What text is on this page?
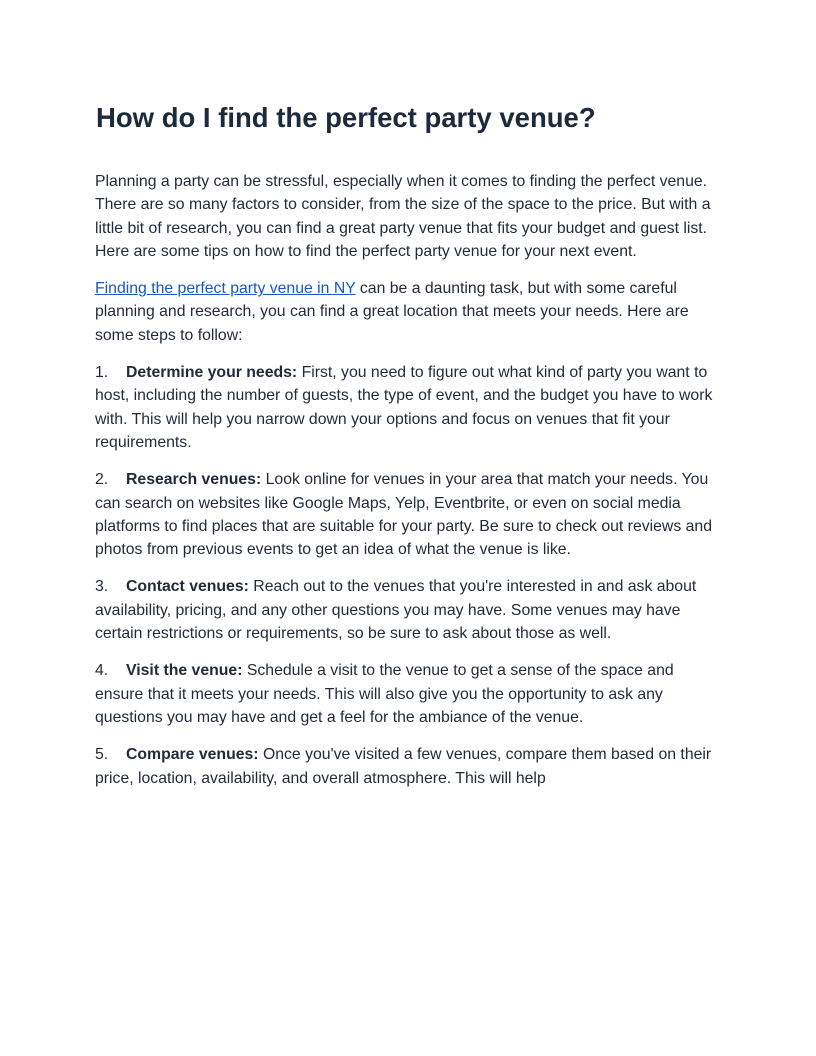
How do I find the perfect party venue?

Planning a party can be stressful, especially when it comes to finding the perfect venue. There are so many factors to consider, from the size of the space to the price. But with a little bit of research, you can find a great party venue that fits your budget and guest list. Here are some tips on how to find the perfect party venue for your next event.

Finding the perfect party venue in NY can be a daunting task, but with some careful planning and research, you can find a great location that meets your needs. Here are some steps to follow:

1. Determine your needs: First, you need to figure out what kind of party you want to host, including the number of guests, the type of event, and the budget you have to work with. This will help you narrow down your options and focus on venues that fit your requirements.

2. Research venues: Look online for venues in your area that match your needs. You can search on websites like Google Maps, Yelp, Eventbrite, or even on social media platforms to find places that are suitable for your party. Be sure to check out reviews and photos from previous events to get an idea of what the venue is like.

3. Contact venues: Reach out to the venues that you're interested in and ask about availability, pricing, and any other questions you may have. Some venues may have certain restrictions or requirements, so be sure to ask about those as well.

4. Visit the venue: Schedule a visit to the venue to get a sense of the space and ensure that it meets your needs. This will also give you the opportunity to ask any questions you may have and get a feel for the ambiance of the venue.

5. Compare venues: Once you've visited a few venues, compare them based on their price, location, availability, and overall atmosphere. This will help
